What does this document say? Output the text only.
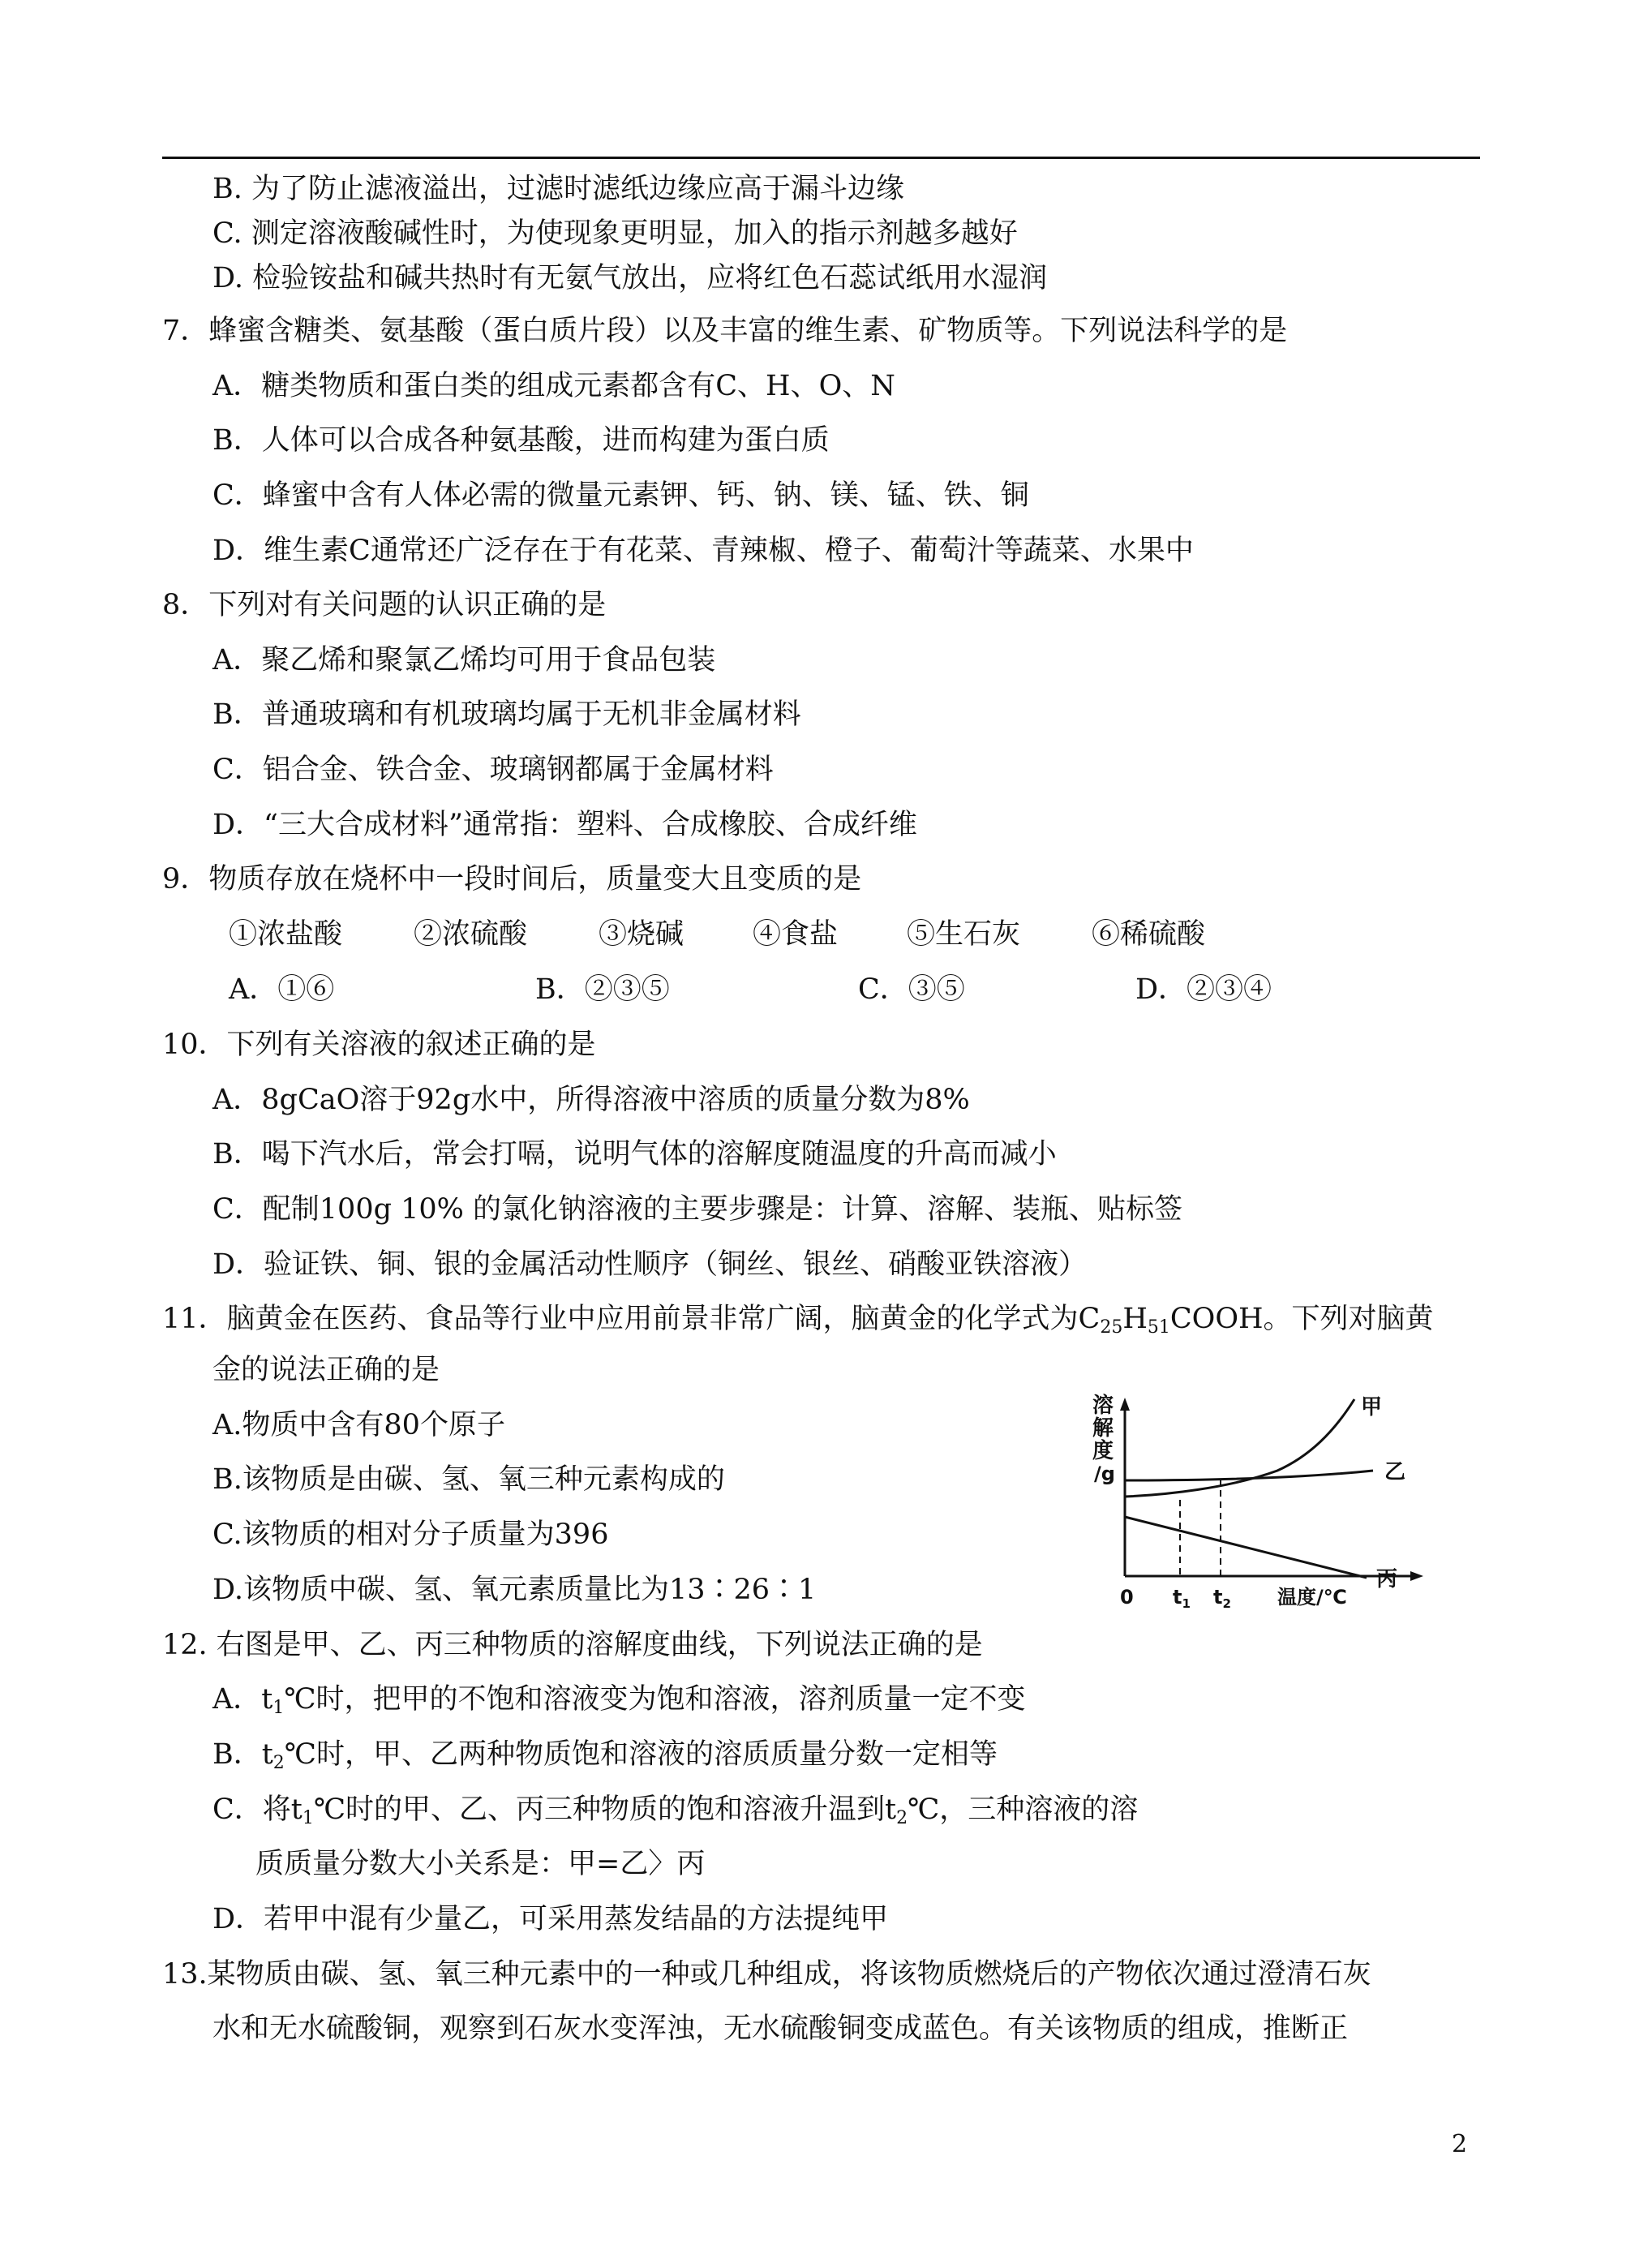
B. 为了防止滤液溢出，过滤时滤纸边缘应高于漏斗边缘
C. 测定溶液酸碱性时，为使现象更明显，加入的指示剂越多越好
D. 检验铵盐和碱共热时有无氨气放出，应将红色石蕊试纸用水湿润
7．蜂蜜含糖类、氨基酸（蛋白质片段）以及丰富的维生素、矿物质等。下列说法科学的是
A．糖类物质和蛋白类的组成元素都含有C、H、O、N
B．人体可以合成各种氨基酸，进而构建为蛋白质
C．蜂蜜中含有人体必需的微量元素钾、钙、钠、镁、锰、铁、铜
D．维生素C通常还广泛存在于有花菜、青辣椒、橙子、葡萄汁等蔬菜、水果中
8．下列对有关问题的认识正确的是
A．聚乙烯和聚氯乙烯均可用于食品包装
B．普通玻璃和有机玻璃均属于无机非金属材料
C．铝合金、铁合金、玻璃钢都属于金属材料
D．“三大合成材料”通常指：塑料、合成橡胶、合成纤维
9．物质存放在烧杯中一段时间后，质量变大且变质的是
①浓盐酸	②浓硫酸	③烧碱 ④食盐 ⑤生石灰	⑥稀硫酸
A．①⑥	B．②③⑤	C．③⑤	D．②③④
10．下列有关溶液的叙述正确的是
A．8gCaO溶于92g水中，所得溶液中溶质的质量分数为8%
B．喝下汽水后，常会打嗝，说明气体的溶解度随温度的升高而减小
C．配制100g 10% 的氯化钠溶液的主要步骤是：计算、溶解、装瓶、贴标签
D．验证铁、铜、银的金属活动性顺序（铜丝、银丝、硝酸亚铁溶液）
11．脑黄金在医药、食品等行业中应用前景非常广阔，脑黄金的化学式为$C_{25}H_{51}COOH$。下列对脑黄
金的说法正确的是
A.物质中含有80个原子
B.该物质是由碳、氢、氧三种元素构成的
C.该物质的相对分子质量为396
D.该物质中碳、氢、氧元素质量比为13∶26∶1
溶
解
度
/g
0 $t_1$ $t_2$ 温度/℃
甲
乙
丙
12. 右图是甲、乙、丙三种物质的溶解度曲线，下列说法正确的是
A．$t_1℃$时，把甲的不饱和溶液变为饱和溶液，溶剂质量一定不变
B．$t_2℃$时，甲、乙两种物质饱和溶液的溶质质量分数一定相等
C．将$t_1℃$时的甲、乙、丙三种物质的饱和溶液升温到$t_2℃$，三种溶液的溶
质质量分数大小关系是：甲=乙〉丙
D．若甲中混有少量乙，可采用蒸发结晶的方法提纯甲
13.某物质由碳、氢、氧三种元素中的一种或几种组成，将该物质燃烧后的产物依次通过澄清石灰
水和无水硫酸铜，观察到石灰水变浑浊，无水硫酸铜变成蓝色。有关该物质的组成，推断正
2
